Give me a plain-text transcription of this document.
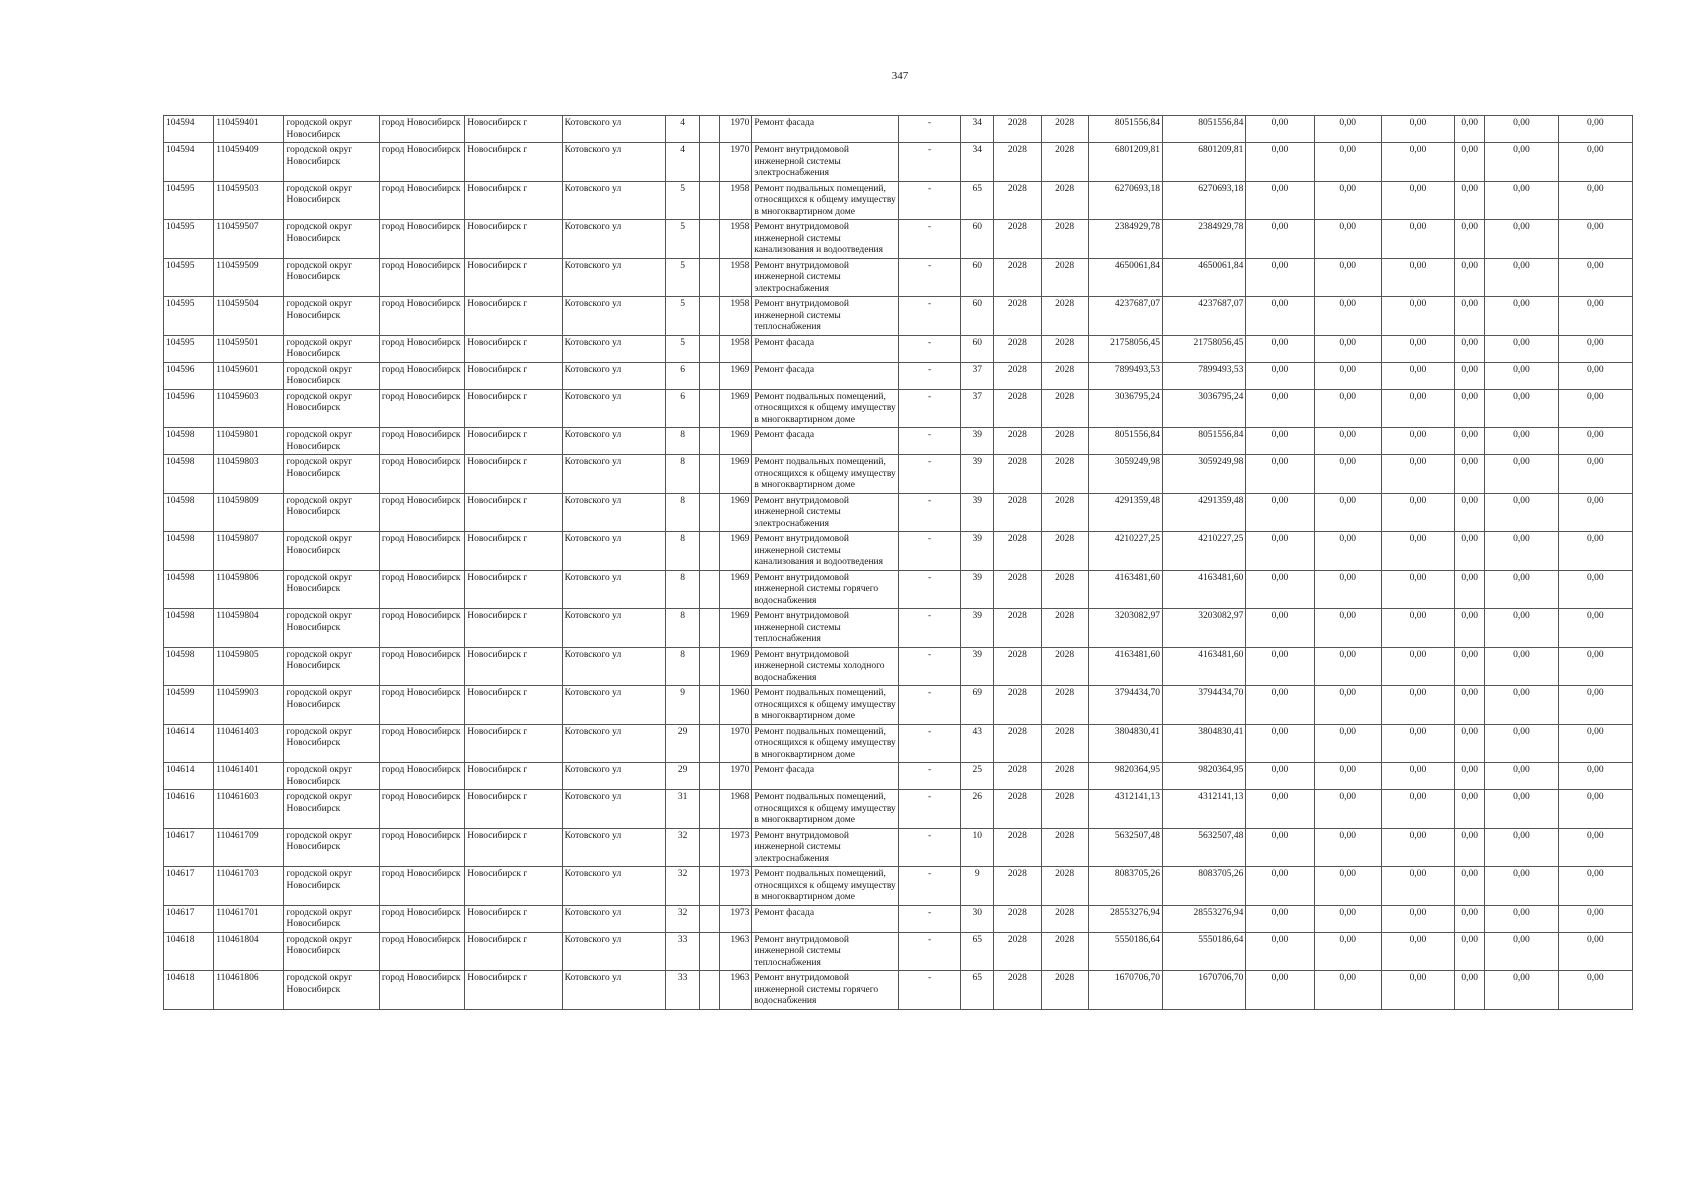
347
104594	110459401	городской округ Новосибирск	город Новосибирск	Новосибирск г	Котовского ул	4		1970	Ремонт фасада	-	34	2028	2028	8051556,84	8051556,84	0,00	0,00	0,00	0,00	0,00	0,00
104594	110459409	городской округ Новосибирск	город Новосибирск	Новосибирск г	Котовского ул	4		1970	Ремонт внутридомовой инженерной системы электроснабжения	-	34	2028	2028	6801209,81	6801209,81	0,00	0,00	0,00	0,00	0,00	0,00
104595	110459503	городской округ Новосибирск	город Новосибирск	Новосибирск г	Котовского ул	5		1958	Ремонт подвальных помещений, относящихся к общему имуществу в многоквартирном доме	-	65	2028	2028	6270693,18	6270693,18	0,00	0,00	0,00	0,00	0,00	0,00
104595	110459507	городской округ Новосибирск	город Новосибирск	Новосибирск г	Котовского ул	5		1958	Ремонт внутридомовой инженерной системы канализования и водоотведения	-	60	2028	2028	2384929,78	2384929,78	0,00	0,00	0,00	0,00	0,00	0,00
104595	110459509	городской округ Новосибирск	город Новосибирск	Новосибирск г	Котовского ул	5		1958	Ремонт внутридомовой инженерной системы электроснабжения	-	60	2028	2028	4650061,84	4650061,84	0,00	0,00	0,00	0,00	0,00	0,00
104595	110459504	городской округ Новосибирск	город Новосибирск	Новосибирск г	Котовского ул	5		1958	Ремонт внутридомовой инженерной системы теплоснабжения	-	60	2028	2028	4237687,07	4237687,07	0,00	0,00	0,00	0,00	0,00	0,00
104595	110459501	городской округ Новосибирск	город Новосибирск	Новосибирск г	Котовского ул	5		1958	Ремонт фасада	-	60	2028	2028	21758056,45	21758056,45	0,00	0,00	0,00	0,00	0,00	0,00
104596	110459601	городской округ Новосибирск	город Новосибирск	Новосибирск г	Котовского ул	6		1969	Ремонт фасада	-	37	2028	2028	7899493,53	7899493,53	0,00	0,00	0,00	0,00	0,00	0,00
104596	110459603	городской округ Новосибирск	город Новосибирск	Новосибирск г	Котовского ул	6		1969	Ремонт подвальных помещений, относящихся к общему имуществу в многоквартирном доме	-	37	2028	2028	3036795,24	3036795,24	0,00	0,00	0,00	0,00	0,00	0,00
104598	110459801	городской округ Новосибирск	город Новосибирск	Новосибирск г	Котовского ул	8		1969	Ремонт фасада	-	39	2028	2028	8051556,84	8051556,84	0,00	0,00	0,00	0,00	0,00	0,00
104598	110459803	городской округ Новосибирск	город Новосибирск	Новосибирск г	Котовского ул	8		1969	Ремонт подвальных помещений, относящихся к общему имуществу в многоквартирном доме	-	39	2028	2028	3059249,98	3059249,98	0,00	0,00	0,00	0,00	0,00	0,00
104598	110459809	городской округ Новосибирск	город Новосибирск	Новосибирск г	Котовского ул	8		1969	Ремонт внутридомовой инженерной системы электроснабжения	-	39	2028	2028	4291359,48	4291359,48	0,00	0,00	0,00	0,00	0,00	0,00
104598	110459807	городской округ Новосибирск	город Новосибирск	Новосибирск г	Котовского ул	8		1969	Ремонт внутридомовой инженерной системы канализования и водоотведения	-	39	2028	2028	4210227,25	4210227,25	0,00	0,00	0,00	0,00	0,00	0,00
104598	110459806	городской округ Новосибирск	город Новосибирск	Новосибирск г	Котовского ул	8		1969	Ремонт внутридомовой инженерной системы горячего водоснабжения	-	39	2028	2028	4163481,60	4163481,60	0,00	0,00	0,00	0,00	0,00	0,00
104598	110459804	городской округ Новосибирск	город Новосибирск	Новосибирск г	Котовского ул	8		1969	Ремонт внутридомовой инженерной системы теплоснабжения	-	39	2028	2028	3203082,97	3203082,97	0,00	0,00	0,00	0,00	0,00	0,00
104598	110459805	городской округ Новосибирск	город Новосибирск	Новосибирск г	Котовского ул	8		1969	Ремонт внутридомовой инженерной системы холодного водоснабжения	-	39	2028	2028	4163481,60	4163481,60	0,00	0,00	0,00	0,00	0,00	0,00
104599	110459903	городской округ Новосибирск	город Новосибирск	Новосибирск г	Котовского ул	9		1960	Ремонт подвальных помещений, относящихся к общему имуществу в многоквартирном доме	-	69	2028	2028	3794434,70	3794434,70	0,00	0,00	0,00	0,00	0,00	0,00
104614	110461403	городской округ Новосибирск	город Новосибирск	Новосибирск г	Котовского ул	29		1970	Ремонт подвальных помещений, относящихся к общему имуществу в многоквартирном доме	-	43	2028	2028	3804830,41	3804830,41	0,00	0,00	0,00	0,00	0,00	0,00
104614	110461401	городской округ Новосибирск	город Новосибирск	Новосибирск г	Котовского ул	29		1970	Ремонт фасада	-	25	2028	2028	9820364,95	9820364,95	0,00	0,00	0,00	0,00	0,00	0,00
104616	110461603	городской округ Новосибирск	город Новосибирск	Новосибирск г	Котовского ул	31		1968	Ремонт подвальных помещений, относящихся к общему имуществу в многоквартирном доме	-	26	2028	2028	4312141,13	4312141,13	0,00	0,00	0,00	0,00	0,00	0,00
104617	110461709	городской округ Новосибирск	город Новосибирск	Новосибирск г	Котовского ул	32		1973	Ремонт внутридомовой инженерной системы электроснабжения	-	10	2028	2028	5632507,48	5632507,48	0,00	0,00	0,00	0,00	0,00	0,00
104617	110461703	городской округ Новосибирск	город Новосибирск	Новосибирск г	Котовского ул	32		1973	Ремонт подвальных помещений, относящихся к общему имуществу в многоквартирном доме	-	9	2028	2028	8083705,26	8083705,26	0,00	0,00	0,00	0,00	0,00	0,00
104617	110461701	городской округ Новосибирск	город Новосибирск	Новосибирск г	Котовского ул	32		1973	Ремонт фасада	-	30	2028	2028	28553276,94	28553276,94	0,00	0,00	0,00	0,00	0,00	0,00
104618	110461804	городской округ Новосибирск	город Новосибирск	Новосибирск г	Котовского ул	33		1963	Ремонт внутридомовой инженерной системы теплоснабжения	-	65	2028	2028	5550186,64	5550186,64	0,00	0,00	0,00	0,00	0,00	0,00
104618	110461806	городской округ Новосибирск	город Новосибирск	Новосибирск г	Котовского ул	33		1963	Ремонт внутридомовой инженерной системы горячего водоснабжения	-	65	2028	2028	1670706,70	1670706,70	0,00	0,00	0,00	0,00	0,00	0,00
